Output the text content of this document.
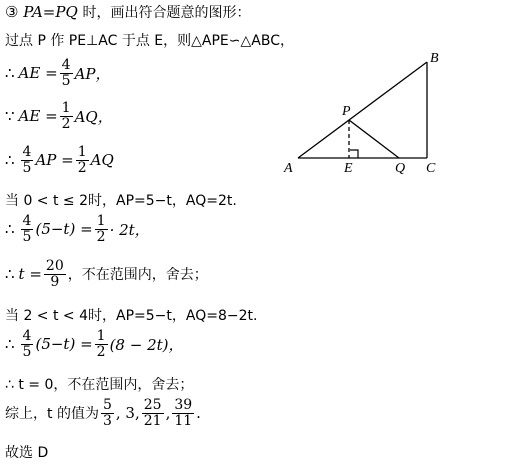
③
PA=PQ
时，画出符合题意的图形：
过点 P 作 PE⊥AC 于点 E，则△APE∽△ABC，
∴ AE = $\frac{4}{5}$ AP，
∵ AE = $\frac{1}{2}$ AQ，
∴ $\frac{4}{5}$ AP = $\frac{1}{2}$ AQ
当 0 < t ≤ 2时，AP=5−t，AQ=2t.
∴ $\frac{4}{5} (5-t) = \frac{1}{2} \cdot 2t$，
∴ $t = \frac{20}{9}$ ，不在范围内，舍去；
当 2 < t < 4时，AP=5−t，AQ=8−2t.
∴ $\frac{4}{5} (5-t) = \frac{1}{2} (8 - 2t)$，
∴ t = 0，不在范围内，舍去；
综上，t 的值为 $\frac{5}{3}$ , 3, $\frac{25}{21}$ , $\frac{39}{11}$ .
故选 D
A
B
C
P
E	Q
